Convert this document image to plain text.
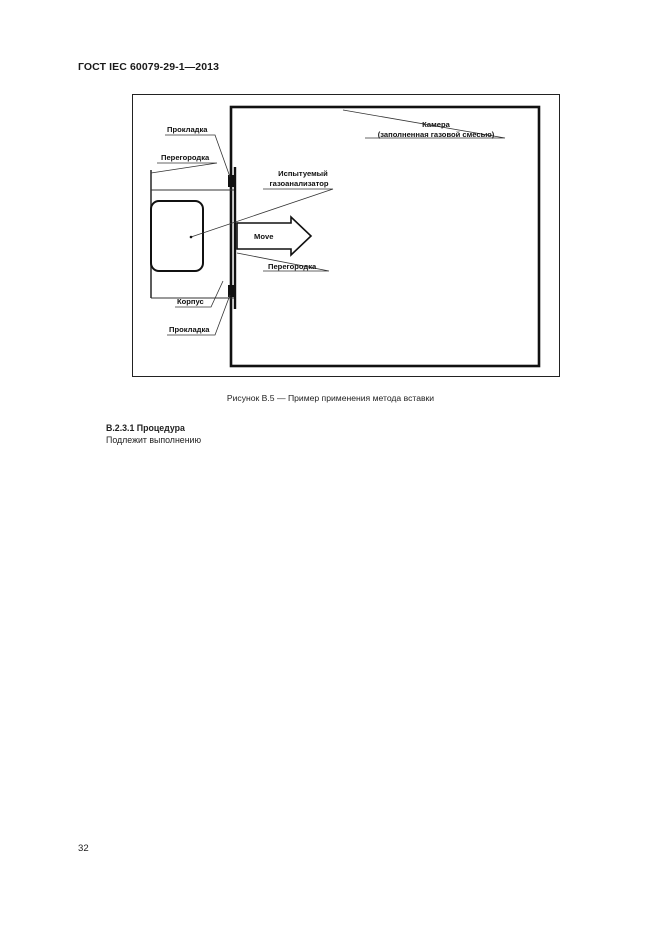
ГОСТ IEC 60079-29-1—2013
Прокладка
Перегородка
Испытуемый
газоанализатор
Камера
(заполненная газовой смесью)
Move
Перегородка
Корпус
Прокладка
Рисунок В.5 — Пример применения метода вставки
В.2.3.1 Процедура
Подлежит выполнению
32
